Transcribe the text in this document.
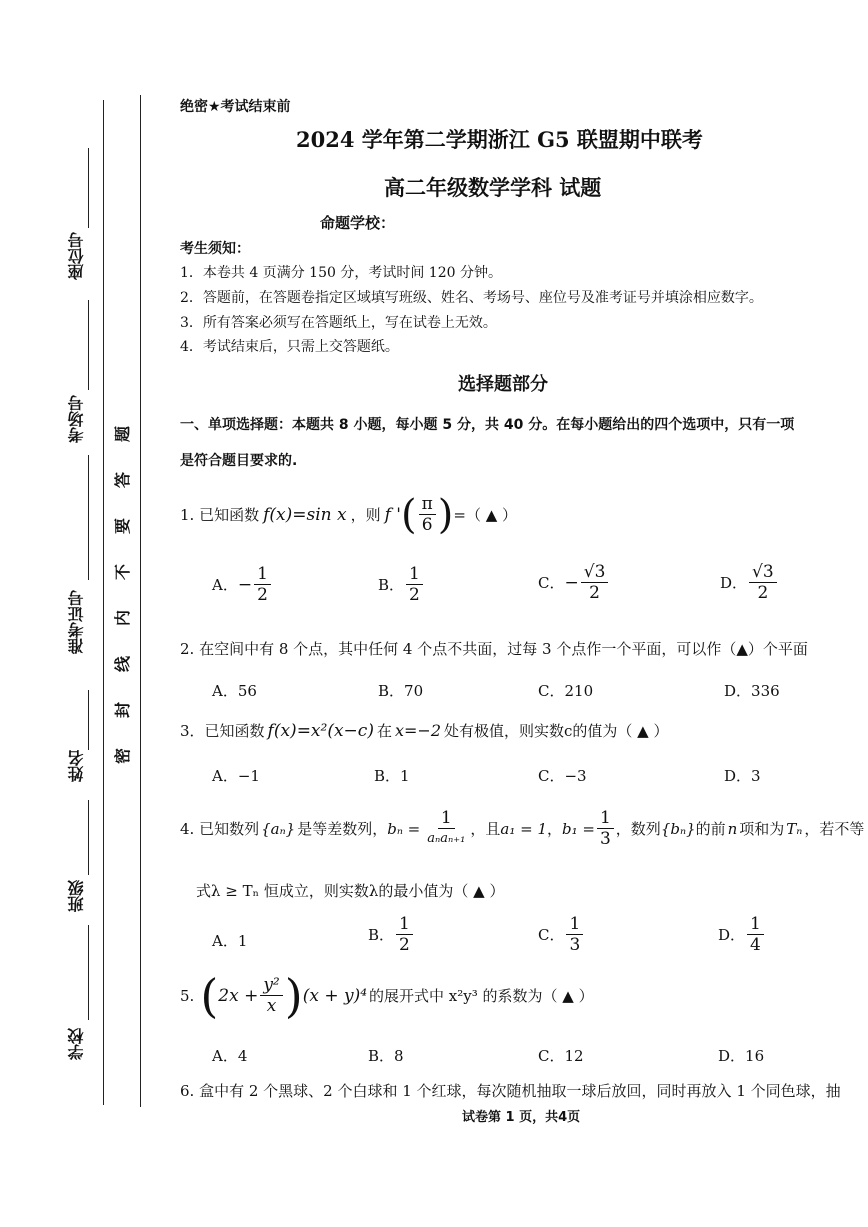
座位号
考场号
准考证号
姓名
班级
学校
题
答
要
不
内
线
封
密
绝密★考试结束前
2024 学年第二学期浙江 G5 联盟期中联考
高二年级数学学科 试题
命题学校：
考生须知：
1．本卷共 4 页满分 150 分，考试时间 120 分钟。
2．答题前，在答题卷指定区域填写班级、姓名、考场号、座位号及准考证号并填涂相应数字。
3．所有答案必须写在答题纸上，写在试卷上无效。
4．考试结束后，只需上交答题纸。
选择题部分
一、单项选择题：本题共 8 小题，每小题 5 分，共 40 分。在每小题给出的四个选项中，只有一项
是符合题目要求的.
1. 已知函数 f(x)=sin x ，则 f ' ( $\frac{\pi}{6}$ ) =（ ▲ ）
A． − $\frac{1}{2}$	B． $\frac{1}{2}$	C． − $\frac{√3}{2}$	D． $\frac{√3}{2}$
2. 在空间中有 8 个点，其中任何 4 个点不共面，过每 3 个点作一个平面，可以作（▲）个平面
A．56	B．70	C．210	D．336
3．已知函数 f(x)=x²(x−c) 在 x=−2 处有极值，则实数c的值为（ ▲ ）
A．−1	B．1	C．−3	D．3
4. 已知数列 {aₙ} 是等差数列， $b_n = \frac{1}{\text{aₙaₙ₊₁}}$ ，且 a₁ = 1 ， $b_1 = \frac{1}{3}$ ，数列 {bₙ} 的前 n 项和为 Tₙ ，若不等
式λ ≥ Tₙ 恒成立，则实数λ的最小值为（ ▲ ）
A． 1	B． $\frac{1}{2}$	C． $\frac{1}{3}$	D． $\frac{1}{4}$
5. ( $2x + \frac{\text{y²}}{x}$ ) (x + y)⁴ 的展开式中 x²y³ 的系数为（ ▲ ）
A．4	B．8	C．12	D．16
6. 盒中有 2 个黑球、2 个白球和 1 个红球，每次随机抽取一球后放回，同时再放入 1 个同色球，抽
试卷第 1 页，共4页
